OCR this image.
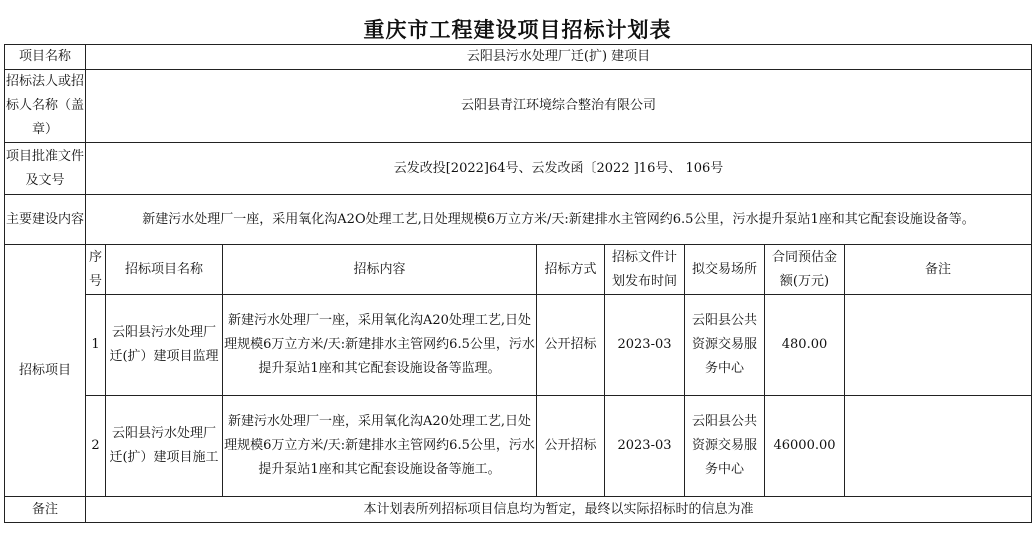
重庆市工程建设项目招标计划表
项目名称	云阳县污水处理厂迁(扩) 建项目							
招标法人或招标人名称（盖章）	云阳县青江环境综合整治有限公司							
项目批准文件及文号	云发改投[2022]64号、云发改函〔2022 ]16号、 106号							
主要建设内容	新建污水处理厂一座，采用氧化沟A2O处理工艺,日处理规模6万立方米/天:新建排水主管网约6.5公里，污水提升泵站1座和其它配套设施设备等。							
招标项目	序号	招标项目名称	招标内容	招标方式	招标文件计划发布时间	拟交易场所	合同预估金额(万元)	备注
	1	云阳县污水处理厂迁(扩）建项目监理	新建污水处理厂一座，采用氧化沟A20处理工艺,日处理规模6万立方米/天:新建排水主管网约6.5公里，污水提升泵站1座和其它配套设施设备等监理。	公开招标	2023-03	云阳县公共资源交易服务中心	480.00	
	2	云阳县污水处理厂迁(扩）建项目施工	新建污水处理厂一座，采用氧化沟A20处理工艺,日处理规模6万立方米/天:新建排水主管网约6.5公里，污水提升泵站1座和其它配套设施设备等施工。	公开招标	2023-03	云阳县公共资源交易服务中心	46000.00	
备注	本计划表所列招标项目信息均为暂定，最终以实际招标时的信息为准							
